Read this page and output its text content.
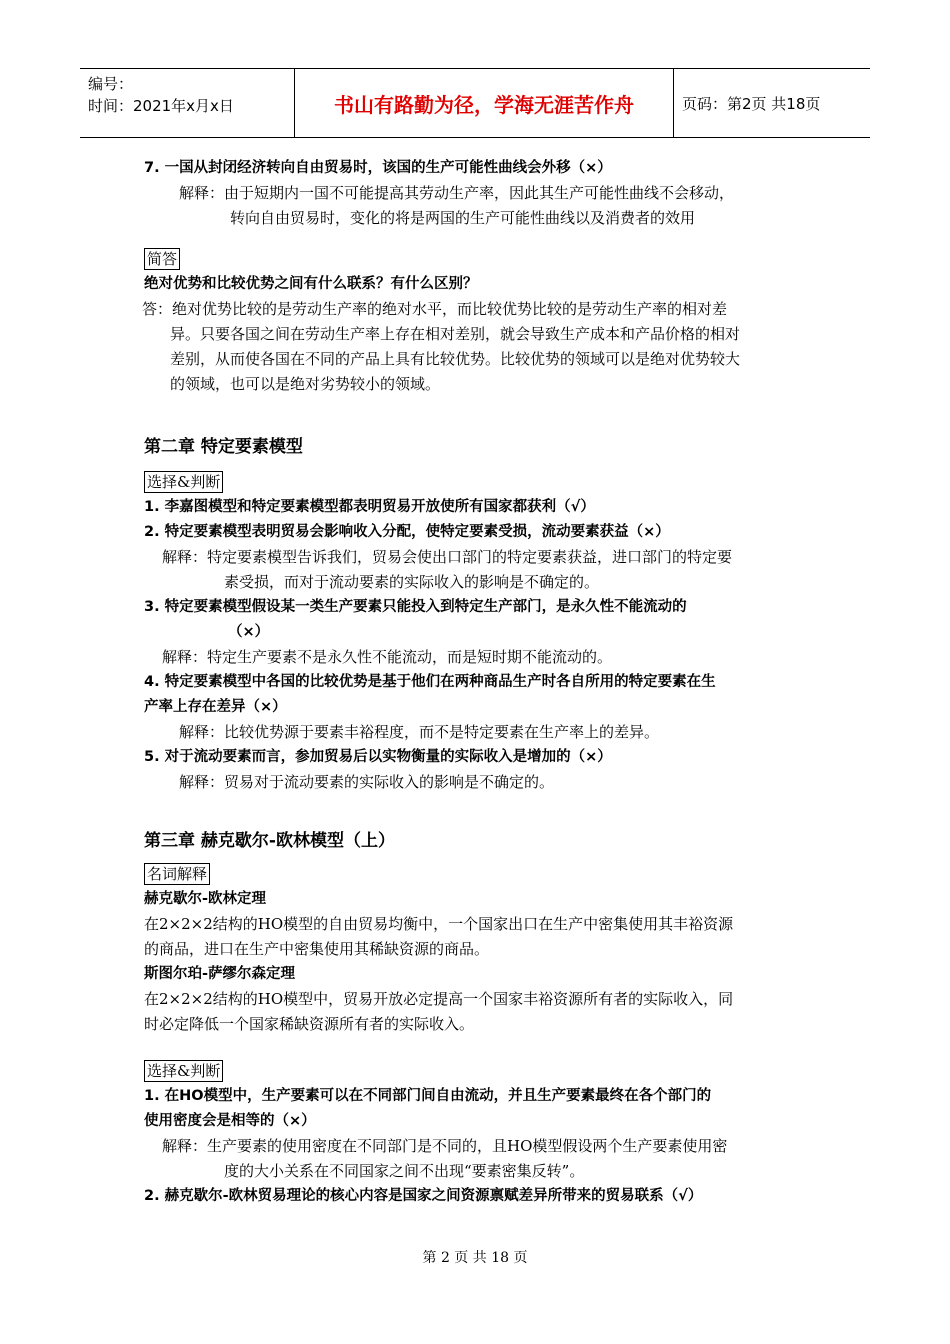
编号：
时间：2021年x月x日	书山有路勤为径，学海无涯苦作舟	页码：第2页 共18页
7. 一国从封闭经济转向自由贸易时，该国的生产可能性曲线会外移（×）
解释：由于短期内一国不可能提高其劳动生产率，因此其生产可能性曲线不会移动，
转向自由贸易时，变化的将是两国的生产可能性曲线以及消费者的效用
简答
绝对优势和比较优势之间有什么联系？有什么区别？
答：绝对优势比较的是劳动生产率的绝对水平，而比较优势比较的是劳动生产率的相对差
异。只要各国之间在劳动生产率上存在相对差别，就会导致生产成本和产品价格的相对
差别，从而使各国在不同的产品上具有比较优势。比较优势的领域可以是绝对优势较大
的领域，也可以是绝对劣势较小的领域。
第二章 特定要素模型
选择&判断
1. 李嘉图模型和特定要素模型都表明贸易开放使所有国家都获利（√）
2. 特定要素模型表明贸易会影响收入分配，使特定要素受损，流动要素获益（×）
解释：特定要素模型告诉我们，贸易会使出口部门的特定要素获益，进口部门的特定要
素受损，而对于流动要素的实际收入的影响是不确定的。
3. 特定要素模型假设某一类生产要素只能投入到特定生产部门，是永久性不能流动的
（×）
解释：特定生产要素不是永久性不能流动，而是短时期不能流动的。
4. 特定要素模型中各国的比较优势是基于他们在两种商品生产时各自所用的特定要素在生
产率上存在差异（×）
解释：比较优势源于要素丰裕程度，而不是特定要素在生产率上的差异。
5. 对于流动要素而言，参加贸易后以实物衡量的实际收入是增加的（×）
解释：贸易对于流动要素的实际收入的影响是不确定的。
第三章 赫克歇尔-欧林模型（上）
名词解释
赫克歇尔-欧林定理
在2×2×2结构的HO模型的自由贸易均衡中，一个国家出口在生产中密集使用其丰裕资源
的商品，进口在生产中密集使用其稀缺资源的商品。
斯图尔珀-萨缪尔森定理
在2×2×2结构的HO模型中，贸易开放必定提高一个国家丰裕资源所有者的实际收入，同
时必定降低一个国家稀缺资源所有者的实际收入。
选择&判断
1. 在HO模型中，生产要素可以在不同部门间自由流动，并且生产要素最终在各个部门的
使用密度会是相等的（×）
解释：生产要素的使用密度在不同部门是不同的，且HO模型假设两个生产要素使用密
度的大小关系在不同国家之间不出现“要素密集反转”。
2. 赫克歇尔-欧林贸易理论的核心内容是国家之间资源禀赋差异所带来的贸易联系（√）
第 2 页 共 18 页
